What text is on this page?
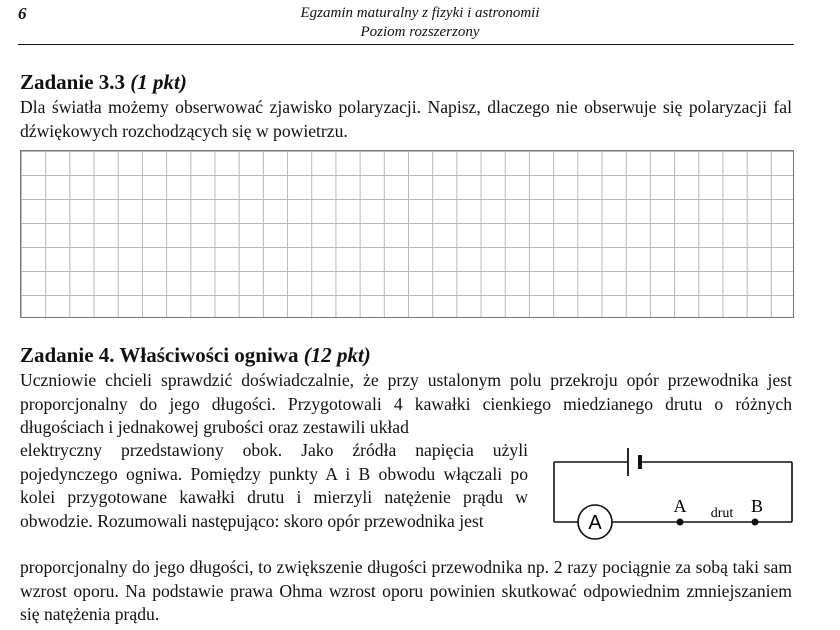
6	Egzamin maturalny z fizyki i astronomii
Poziom rozszerzony
Zadanie 3.3 (1 pkt)
Dla światła możemy obserwować zjawisko polaryzacji. Napisz, dlaczego nie obserwuje się polaryzacji fal dźwiękowych rozchodzących się w powietrzu.
Zadanie 4. Właściwości ogniwa (12 pkt)
Uczniowie chcieli sprawdzić doświadczalnie, że przy ustalonym polu przekroju opór przewodnika jest proporcjonalny do jego długości. Przygotowali 4 kawałki cienkiego miedzianego drutu o różnych długościach i jednakowej grubości oraz zestawili układ
elektryczny przedstawiony obok. Jako źródła napięcia użyli pojedynczego ogniwa. Pomiędzy punkty A i B obwodu włączali po kolei przygotowane kawałki drutu i mierzyli natężenie prądu w obwodzie. Rozumowali następująco: skoro opór przewodnika jest
proporcjonalny do jego długości, to zwiększenie długości przewodnika np. 2 razy pociągnie za sobą taki sam wzrost oporu. Na podstawie prawa Ohma wzrost oporu powinien skutkować odpowiednim zmniejszaniem się natężenia prądu.
A
A	B
drut
